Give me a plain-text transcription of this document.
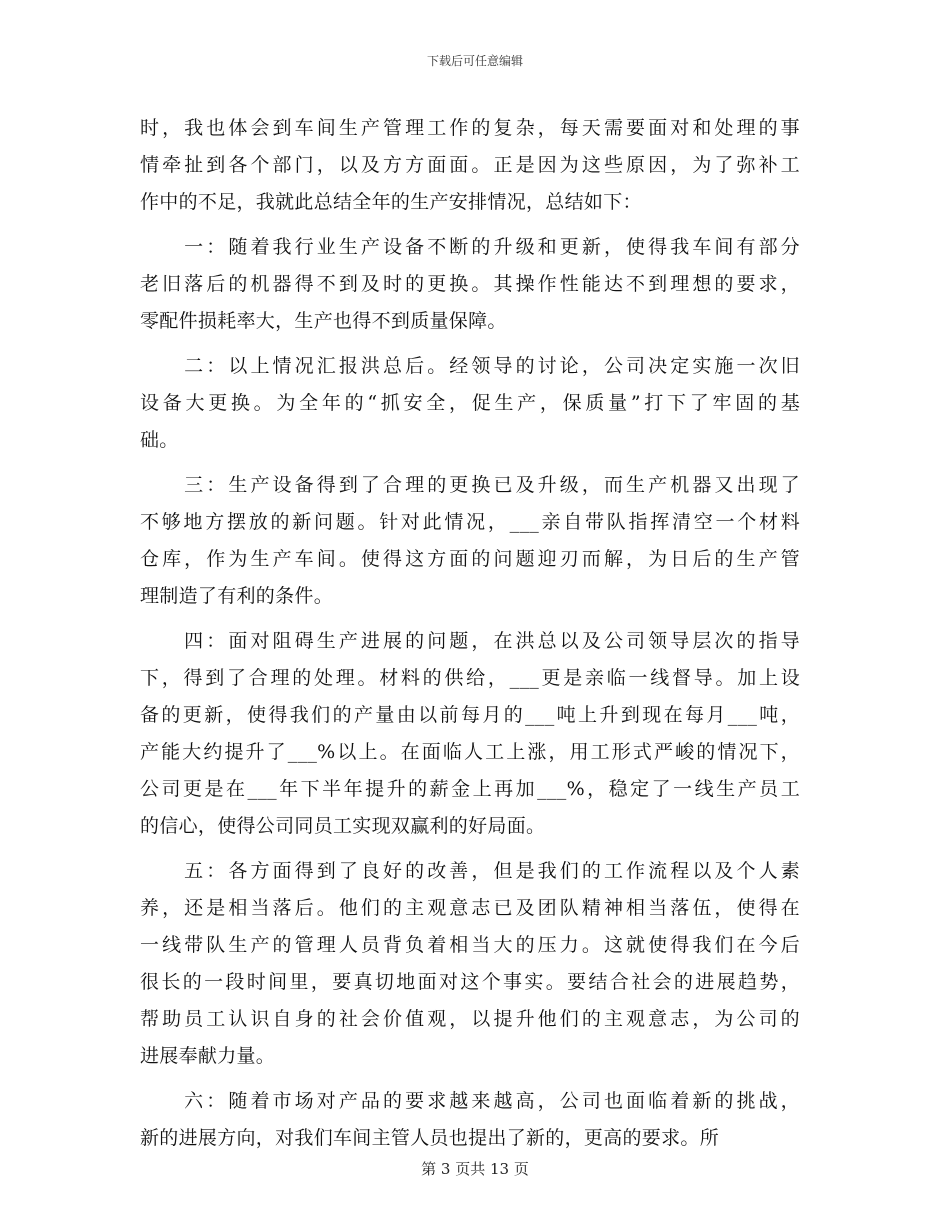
下载后可任意编辑
时，我也体会到车间生产管理工作的复杂，每天需要面对和处理的事
情牵扯到各个部门，以及方方面面。正是因为这些原因，为了弥补工
作中的不足，我就此总结全年的生产安排情况，总结如下：
　　一：随着我行业生产设备不断的升级和更新，使得我车间有部分
老旧落后的机器得不到及时的更换。其操作性能达不到理想的要求，
零配件损耗率大，生产也得不到质量保障。
　　二：以上情况汇报洪总后。经领导的讨论，公司决定实施一次旧
设备大更换。为全年的“抓安全，促生产，保质量”打下了牢固的基
础。
　　三：生产设备得到了合理的更换已及升级，而生产机器又出现了
不够地方摆放的新问题。针对此情况，___亲自带队指挥清空一个材料
仓库，作为生产车间。使得这方面的问题迎刃而解，为日后的生产管
理制造了有利的条件。
　　四：面对阻碍生产进展的问题，在洪总以及公司领导层次的指导
下，得到了合理的处理。材料的供给，___更是亲临一线督导。加上设
备的更新，使得我们的产量由以前每月的___吨上升到现在每月___吨，
产能大约提升了___%以上。在面临人工上涨，用工形式严峻的情况下，
公司更是在___年下半年提升的薪金上再加___%，稳定了一线生产员工
的信心，使得公司同员工实现双赢利的好局面。
　　五：各方面得到了良好的改善，但是我们的工作流程以及个人素
养，还是相当落后。他们的主观意志已及团队精神相当落伍，使得在
一线带队生产的管理人员背负着相当大的压力。这就使得我们在今后
很长的一段时间里，要真切地面对这个事实。要结合社会的进展趋势，
帮助员工认识自身的社会价值观，以提升他们的主观意志，为公司的
进展奉献力量。
　　六：随着市场对产品的要求越来越高，公司也面临着新的挑战，
新的进展方向，对我们车间主管人员也提出了新的，更高的要求。所
第 3 页共 13 页
